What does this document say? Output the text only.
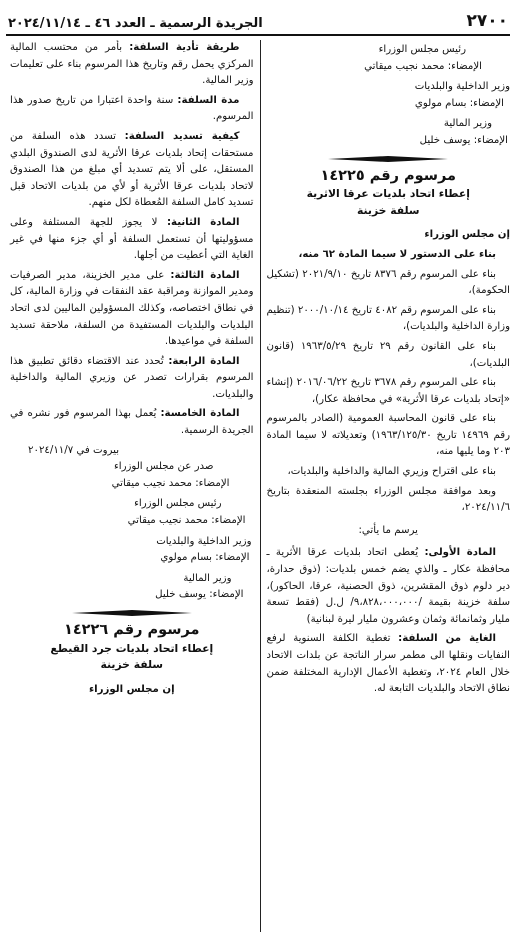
٢٧٠٠
الجريدة الرسمية ـ العدد ٤٦ ـ ٢٠٢٤/١١/١٤
رئيس مجلس الوزراء
الإمضاء: محمد نجيب ميقاتي
وزير الداخلية والبلديات
الإمضاء: بسام مولوي
وزير المالية
الإمضاء: يوسف خليل
مرسوم رقم ١٤٢٢٥
إعطاء اتحاد بلديات عرقا الاثرية
سلفة خزينة

إن مجلس الوزراء

بناء على الدستور لا سيما المادة ٦٢ منه،

بناء على المرسوم رقم ٨٣٧٦ تاريخ ٢٠٢١/٩/١٠ (تشكيل الحكومة)،

بناء على المرسوم رقم ٤٠٨٢ تاريخ ٢٠٠٠/١٠/١٤ (تنظيم وزارة الداخلية والبلديات)،

بناء على القانون رقم ٢٩ تاريخ ١٩٦٣/٥/٢٩ (قانون البلديات)،

بناء على المرسوم رقم ٣٦٧٨ تاريخ ٢٠١٦/٠٦/٢٢ (إنشاء «إتحاد بلديات عرقا الأثرية» في محافظة عكار)،

بناء على قانون المحاسبة العمومية (الصادر بالمرسوم رقم ١٤٩٦٩ تاريخ ١٩٦٣/١٢٥/٣٠) وتعديلاته لا سيما المادة ٢٠٣ وما يليها منه،

بناء على اقتراح وزيري المالية والداخلية والبلديات،

وبعد موافقة مجلس الوزراء بجلسته المنعقدة بتاريخ ٢٠٢٤/١١/٦،

يرسم ما يأتي:

المادة الأولى: يُعطى اتحاد بلديات عرقا الأثرية ـ محافظة عكار ـ والذي يضم خمس بلديات: (ذوق حدارة، دير دلوم ذوق المقشرين، ذوق الحصنية، عرقا، الحاكور)، سلفة خزينة بقيمة /٩،٨٢٨،٠٠٠،٠٠٠/ ل.ل (فقط تسعة مليار وثمانمائة وثمان وعشرون مليار ليرة لبنانية)

الغاية من السلفة: تغطية الكلفة السنوية لرفع النفايات ونقلها الى مطمر سرار الناتجة عن بلدات الاتحاد خلال العام ٢٠٢٤، وتغطية الأعمال الإدارية المختلفة ضمن نطاق الاتحاد والبلديات التابعة له.

طريقة تأدية السلفة: بأمر من محتسب المالية المركزي يحمل رقم وتاريخ هذا المرسوم بناء على تعليمات وزير المالية.

مدة السلفة: سنة واحدة اعتبارا من تاريخ صدور هذا المرسوم.

كيفية تسديد السلفة: تسدد هذه السلفة من مستحقات إتحاد بلديات عرقا الأثرية لدى الصندوق البلدي المستقل، على ألا يتم تسديد أي مبلغ من هذا الصندوق لاتحاد بلديات عرقا الأثرية أو لأي من بلديات الاتحاد قبل تسديد كامل السلفة المُعطاة لكل منهم.

المادة الثانية: لا يجوز للجهة المستلفة وعلى مسؤوليتها أن تستعمل السلفة أو أي جزء منها في غير الغاية التي أعطيت من أجلها.

المادة الثالثة: على مدير الخزينة، مدير الصرفيات ومدير الموازنة ومراقبة عقد النفقات في وزارة المالية، كل في نطاق اختصاصه، وكذلك المسؤولين الماليين لدى اتحاد البلديات والبلديات المستفيدة من السلفة، ملاحقة تسديد السلفة في مواعيدها.

المادة الرابعة: تُحدد عند الاقتضاء دقائق تطبيق هذا المرسوم بقرارات تصدر عن وزيري المالية والداخلية والبلديات.

المادة الخامسة: يُعمل بهذا المرسوم فور نشره في الجريدة الرسمية.

بيروت في ٢٠٢٤/١١/٧
صدر عن مجلس الوزراء
الإمضاء: محمد نجيب ميقاتي
رئيس مجلس الوزراء
الإمضاء: محمد نجيب ميقاتي
وزير الداخلية والبلديات
الإمضاء: بسام مولوي
وزير المالية
الإمضاء: يوسف خليل
مرسوم رقم ١٤٢٢٦
إعطاء اتحاد بلديات جرد القيطع
سلفة خزينة

إن مجلس الوزراء
